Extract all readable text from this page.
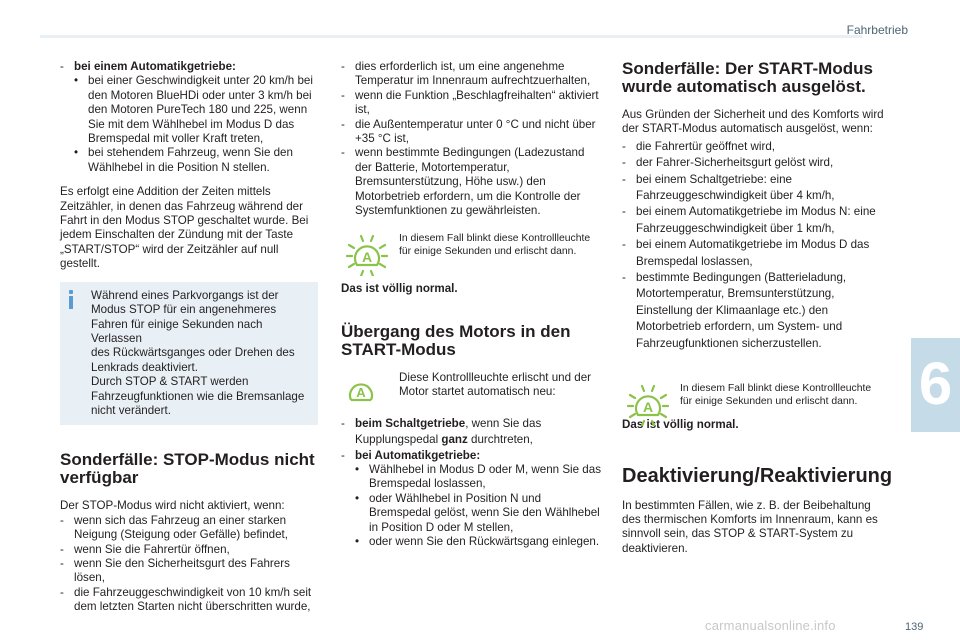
Fahrbetrieb
6
carmanualsonline.info	139
- bei einem Automatikgetriebe:
• bei einer Geschwindigkeit unter 20 km/h bei den Motoren BlueHDi oder unter 3 km/h bei den Motoren PureTech 180 und 225, wenn Sie mit dem Wählhebel im Modus D das Bremspedal mit voller Kraft treten,
• bei stehendem Fahrzeug, wenn Sie den Wählhebel in die Position N stellen.

Es erfolgt eine Addition der Zeiten mittels Zeitzähler, in denen das Fahrzeug während der Fahrt in den Modus STOP geschaltet wurde. Bei jedem Einschalten der Zündung mit der Taste „START/STOP“ wird der Zeitzähler auf null gestellt.

Während eines Parkvorgangs ist der Modus STOP für ein angenehmeres Fahren für einige Sekunden nach Verlassen
des Rückwärtsganges oder Drehen des Lenkrads deaktiviert.
Durch STOP & START werden Fahrzeugfunktionen wie die Bremsanlage nicht verändert.
Sonderfälle: STOP-Modus nicht verfügbar

Der STOP-Modus wird nicht aktiviert, wenn:

- wenn sich das Fahrzeug an einer starken Neigung (Steigung oder Gefälle) befindet,
- wenn Sie die Fahrertür öffnen,
- wenn Sie den Sicherheitsgurt des Fahrers lösen,
- die Fahrzeuggeschwindigkeit von 10 km/h seit dem letzten Starten nicht überschritten wurde,
- dies erforderlich ist, um eine angenehme Temperatur im Innenraum aufrechtzuerhalten,
- wenn die Funktion „Beschlagfreihalten“ aktiviert ist,
- die Außentemperatur unter 0 °C und nicht über +35 °C ist,
- wenn bestimmte Bedingungen (Ladezustand der Batterie, Motortemperatur, Bremsunterstützung, Höhe usw.) den Motorbetrieb erfordern, um die Kontrolle der Systemfunktionen zu gewährleisten.
A
In diesem Fall blinkt diese Kontrollleuchte für einige Sekunden und erlischt dann.

Das ist völlig normal.

Übergang des Motors in den START-Modus
A
Diese Kontrollleuchte erlischt und der Motor startet automatisch neu:
- beim Schaltgetriebe, wenn Sie das Kupplungspedal ganz durchtreten,
- bei Automatikgetriebe:
• Wählhebel in Modus D oder M, wenn Sie das Bremspedal loslassen,
• oder Wählhebel in Position N und Bremspedal gelöst, wenn Sie den Wählhebel in Position D oder M stellen,
• oder wenn Sie den Rückwärtsgang einlegen.
Sonderfälle: Der START-Modus wurde automatisch ausgelöst.

Aus Gründen der Sicherheit und des Komforts wird der START-Modus automatisch ausgelöst, wenn:

- die Fahrertür geöffnet wird,
- der Fahrer-Sicherheitsgurt gelöst wird,
- bei einem Schaltgetriebe: eine Fahrzeuggeschwindigkeit über 4 km/h,
- bei einem Automatikgetriebe im Modus N: eine Fahrzeuggeschwindigkeit über 1 km/h,
- bei einem Automatikgetriebe im Modus D das Bremspedal loslassen,
- bestimmte Bedingungen (Batterieladung, Motortemperatur, Bremsunterstützung, Einstellung der Klimaanlage etc.) den Motorbetrieb erfordern, um System- und Fahrzeugfunktionen sicherzustellen.
A
In diesem Fall blinkt diese Kontrollleuchte für einige Sekunden und erlischt dann.

Das ist völlig normal.

Deaktivierung/Reaktivierung

In bestimmten Fällen, wie z. B. der Beibehaltung des thermischen Komforts im Innenraum, kann es sinnvoll sein, das STOP & START-System zu deaktivieren.
